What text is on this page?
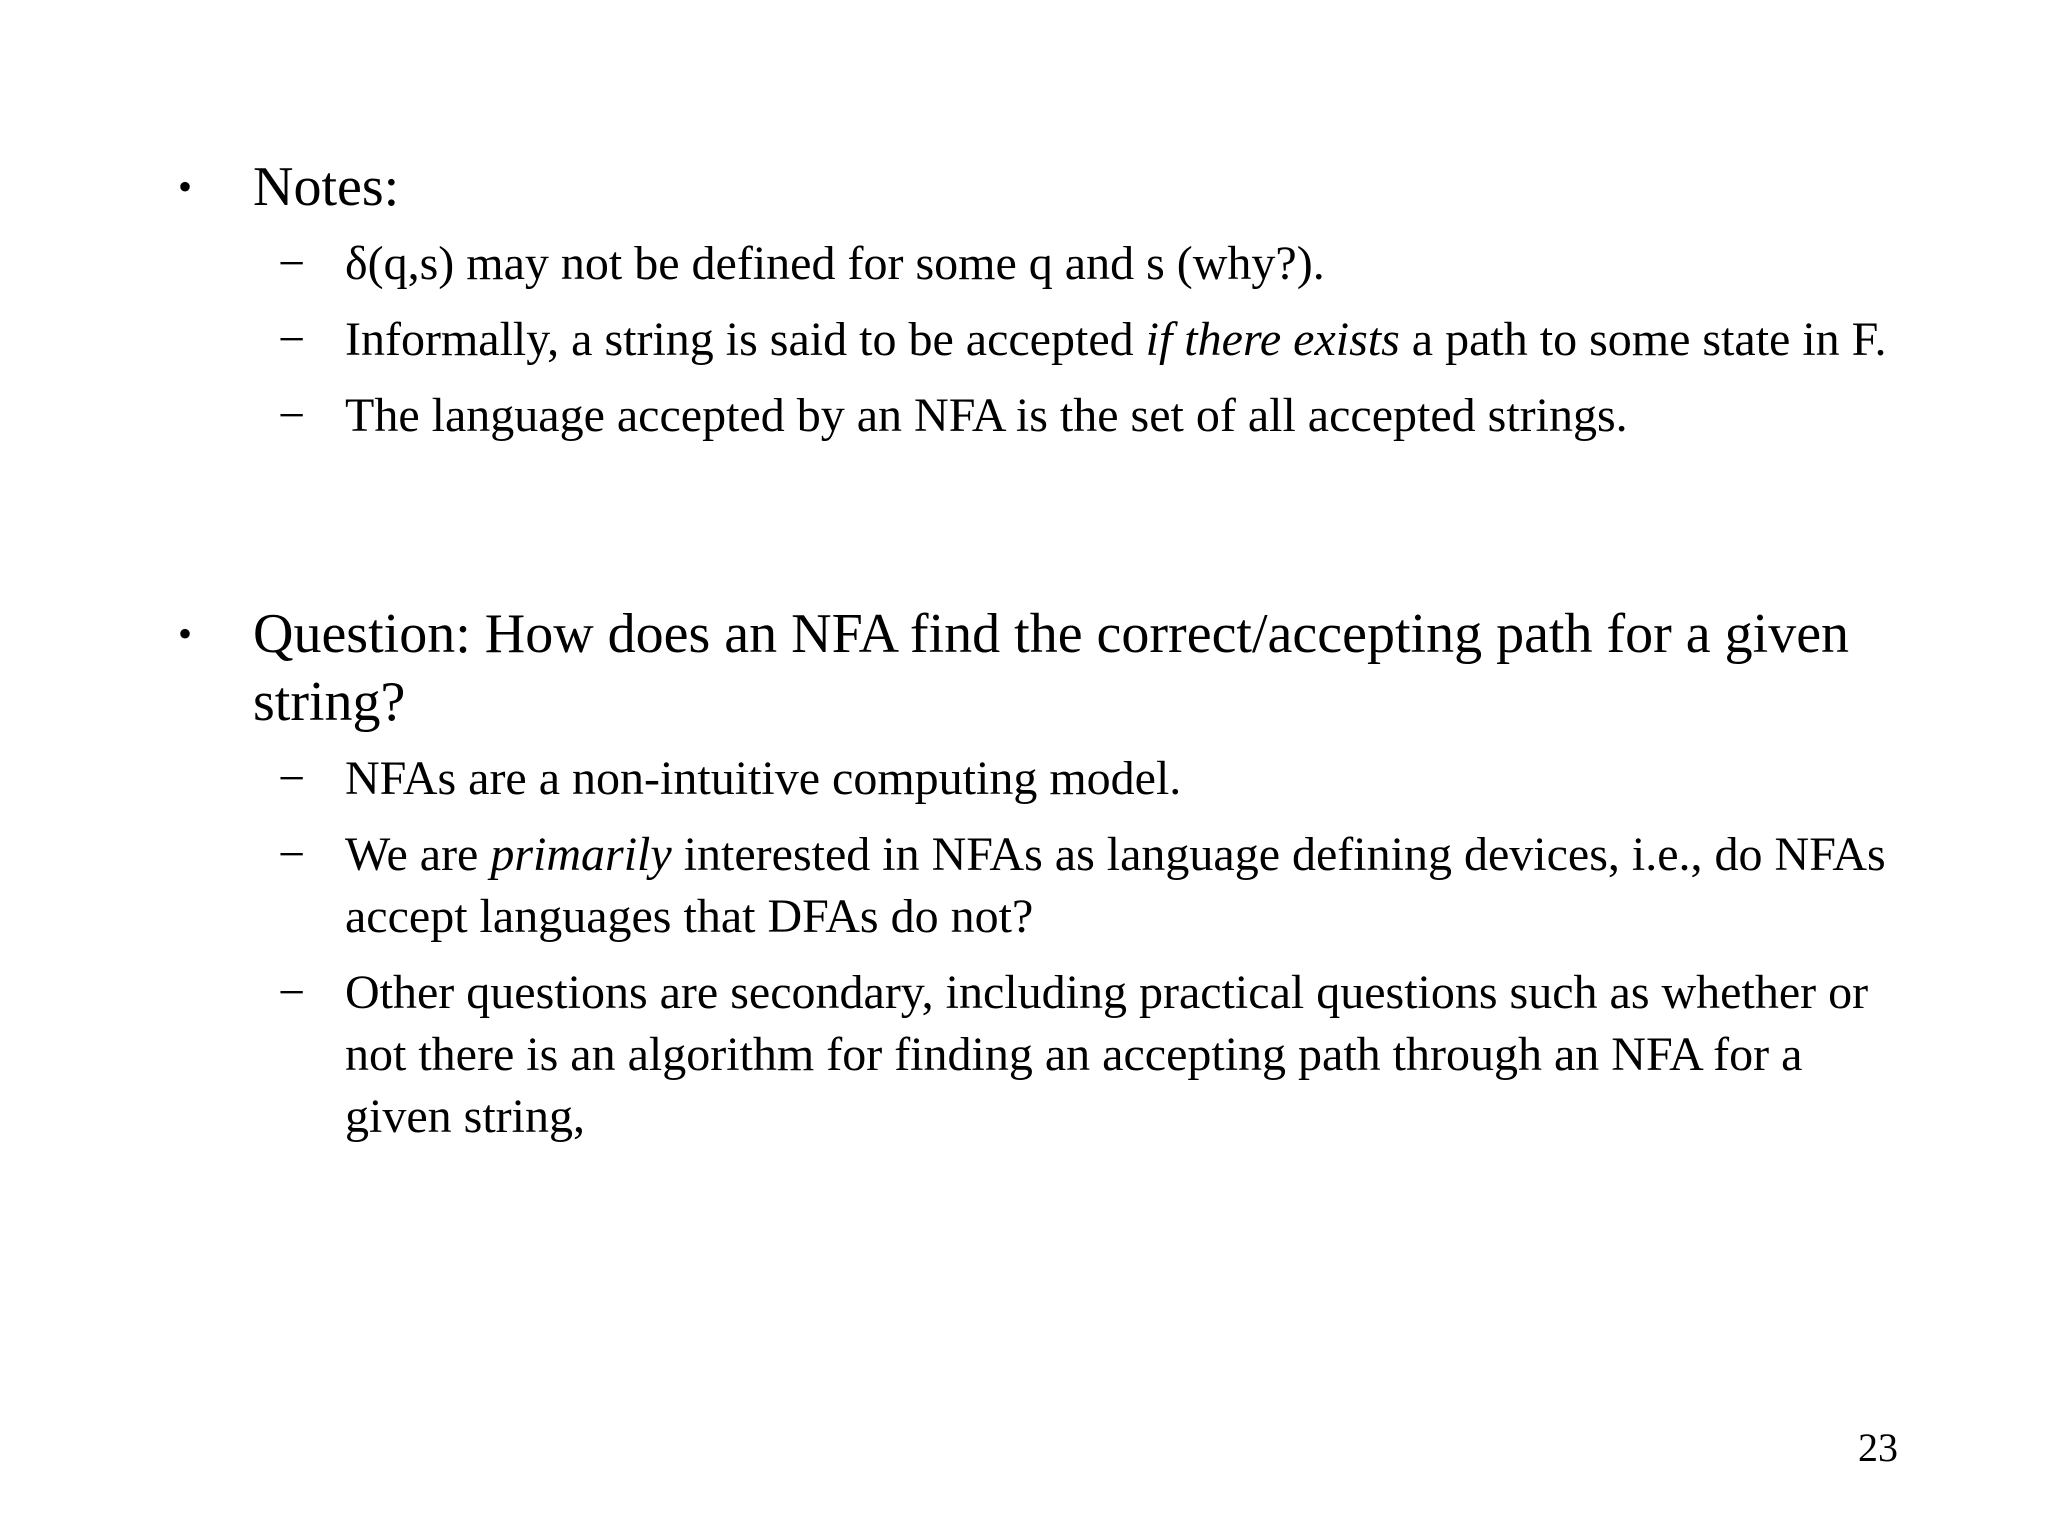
• Notes:
− δ(q,s) may not be defined for some q and s (why?).
− Informally, a string is said to be accepted if there exists a path to some state in F.
− The language accepted by an NFA is the set of all accepted strings.
• Question: How does an NFA find the correct/accepting path for a given string?
− NFAs are a non-intuitive computing model.
− We are primarily interested in NFAs as language defining devices, i.e., do NFAs accept languages that DFAs do not?
− Other questions are secondary, including practical questions such as whether or not there is an algorithm for finding an accepting path through an NFA for a given string,
23
